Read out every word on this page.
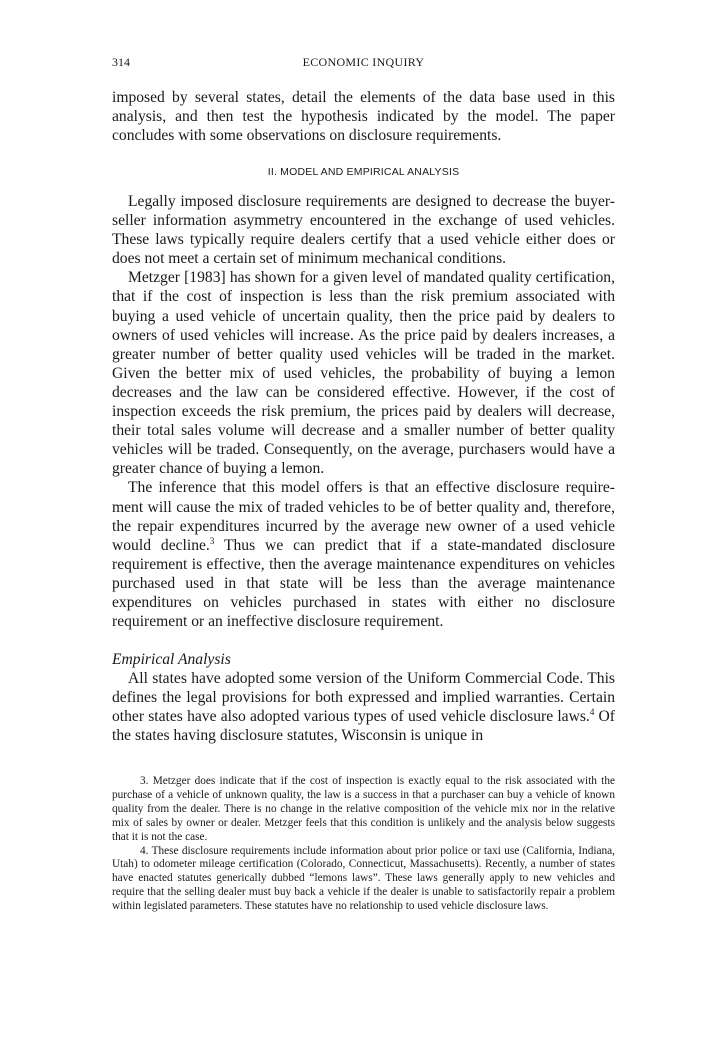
314	ECONOMIC INQUIRY

imposed by several states, detail the elements of the data base used in this analysis, and then test the hypothesis indicated by the model. The paper concludes with some observations on disclosure requirements.

II. MODEL AND EMPIRICAL ANALYSIS

Legally imposed disclosure requirements are designed to decrease the buyer-seller information asymmetry encountered in the exchange of used vehicles. These laws typically require dealers certify that a used vehicle either does or does not meet a certain set of minimum mechanical conditions.

Metzger [1983] has shown for a given level of mandated quality certification, that if the cost of inspection is less than the risk premium associated with buying a used vehicle of uncertain quality, then the price paid by dealers to owners of used vehicles will increase. As the price paid by dealers increases, a greater number of better quality used vehicles will be traded in the market. Given the better mix of used vehicles, the probability of buying a lemon decreases and the law can be considered effective. However, if the cost of inspection exceeds the risk premium, the prices paid by dealers will decrease, their total sales volume will decrease and a smaller number of better quality vehicles will be traded. Consequently, on the average, purchasers would have a greater chance of buying a lemon.

The inference that this model offers is that an effective disclosure requirement will cause the mix of traded vehicles to be of better quality and, therefore, the repair expenditures incurred by the average new owner of a used vehicle would decline.$^3$ Thus we can predict that if a state-mandated disclosure requirement is effective, then the average maintenance expenditures on vehicles purchased used in that state will be less than the average maintenance expenditures on vehicles purchased in states with either no disclosure requirement or an ineffective disclosure requirement.

Empirical Analysis

All states have adopted some version of the Uniform Commercial Code. This defines the legal provisions for both expressed and implied warranties. Certain other states have also adopted various types of used vehicle disclosure laws.$^4$ Of the states having disclosure statutes, Wisconsin is unique in

3. Metzger does indicate that if the cost of inspection is exactly equal to the risk associated with the purchase of a vehicle of unknown quality, the law is a success in that a purchaser can buy a vehicle of known quality from the dealer. There is no change in the relative composition of the vehicle mix nor in the relative mix of sales by owner or dealer. Metzger feels that this condition is unlikely and the analysis below suggests that it is not the case.

4. These disclosure requirements include information about prior police or taxi use (California, Indiana, Utah) to odometer mileage certification (Colorado, Connecticut, Massachusetts). Recently, a number of states have enacted statutes generically dubbed “lemons laws”. These laws generally apply to new vehicles and require that the selling dealer must buy back a vehicle if the dealer is unable to satisfactorily repair a problem within legislated parameters. These statutes have no relationship to used vehicle disclosure laws.
